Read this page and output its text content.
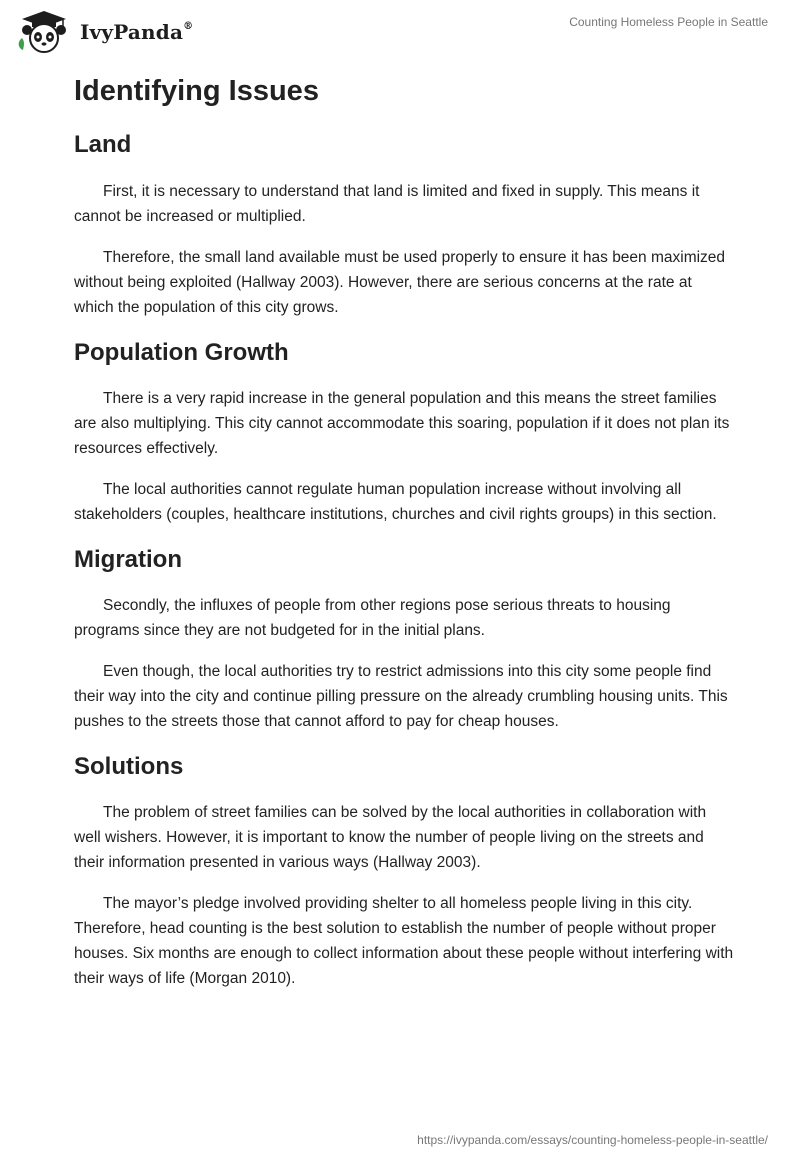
IvyPanda®	Counting Homeless People in Seattle
Identifying Issues
Land

First, it is necessary to understand that land is limited and fixed in supply. This means it cannot be increased or multiplied.

Therefore, the small land available must be used properly to ensure it has been maximized without being exploited (Hallway 2003). However, there are serious concerns at the rate at which the population of this city grows.

Population Growth

There is a very rapid increase in the general population and this means the street families are also multiplying. This city cannot accommodate this soaring, population if it does not plan its resources effectively.

The local authorities cannot regulate human population increase without involving all stakeholders (couples, healthcare institutions, churches and civil rights groups) in this section.

Migration

Secondly, the influxes of people from other regions pose serious threats to housing programs since they are not budgeted for in the initial plans.

Even though, the local authorities try to restrict admissions into this city some people find their way into the city and continue pilling pressure on the already crumbling housing units. This pushes to the streets those that cannot afford to pay for cheap houses.

Solutions

The problem of street families can be solved by the local authorities in collaboration with well wishers. However, it is important to know the number of people living on the streets and their information presented in various ways (Hallway 2003).

The mayor’s pledge involved providing shelter to all homeless people living in this city. Therefore, head counting is the best solution to establish the number of people without proper houses. Six months are enough to collect information about these people without interfering with their ways of life (Morgan 2010).

https://ivypanda.com/essays/counting-homeless-people-in-seattle/
